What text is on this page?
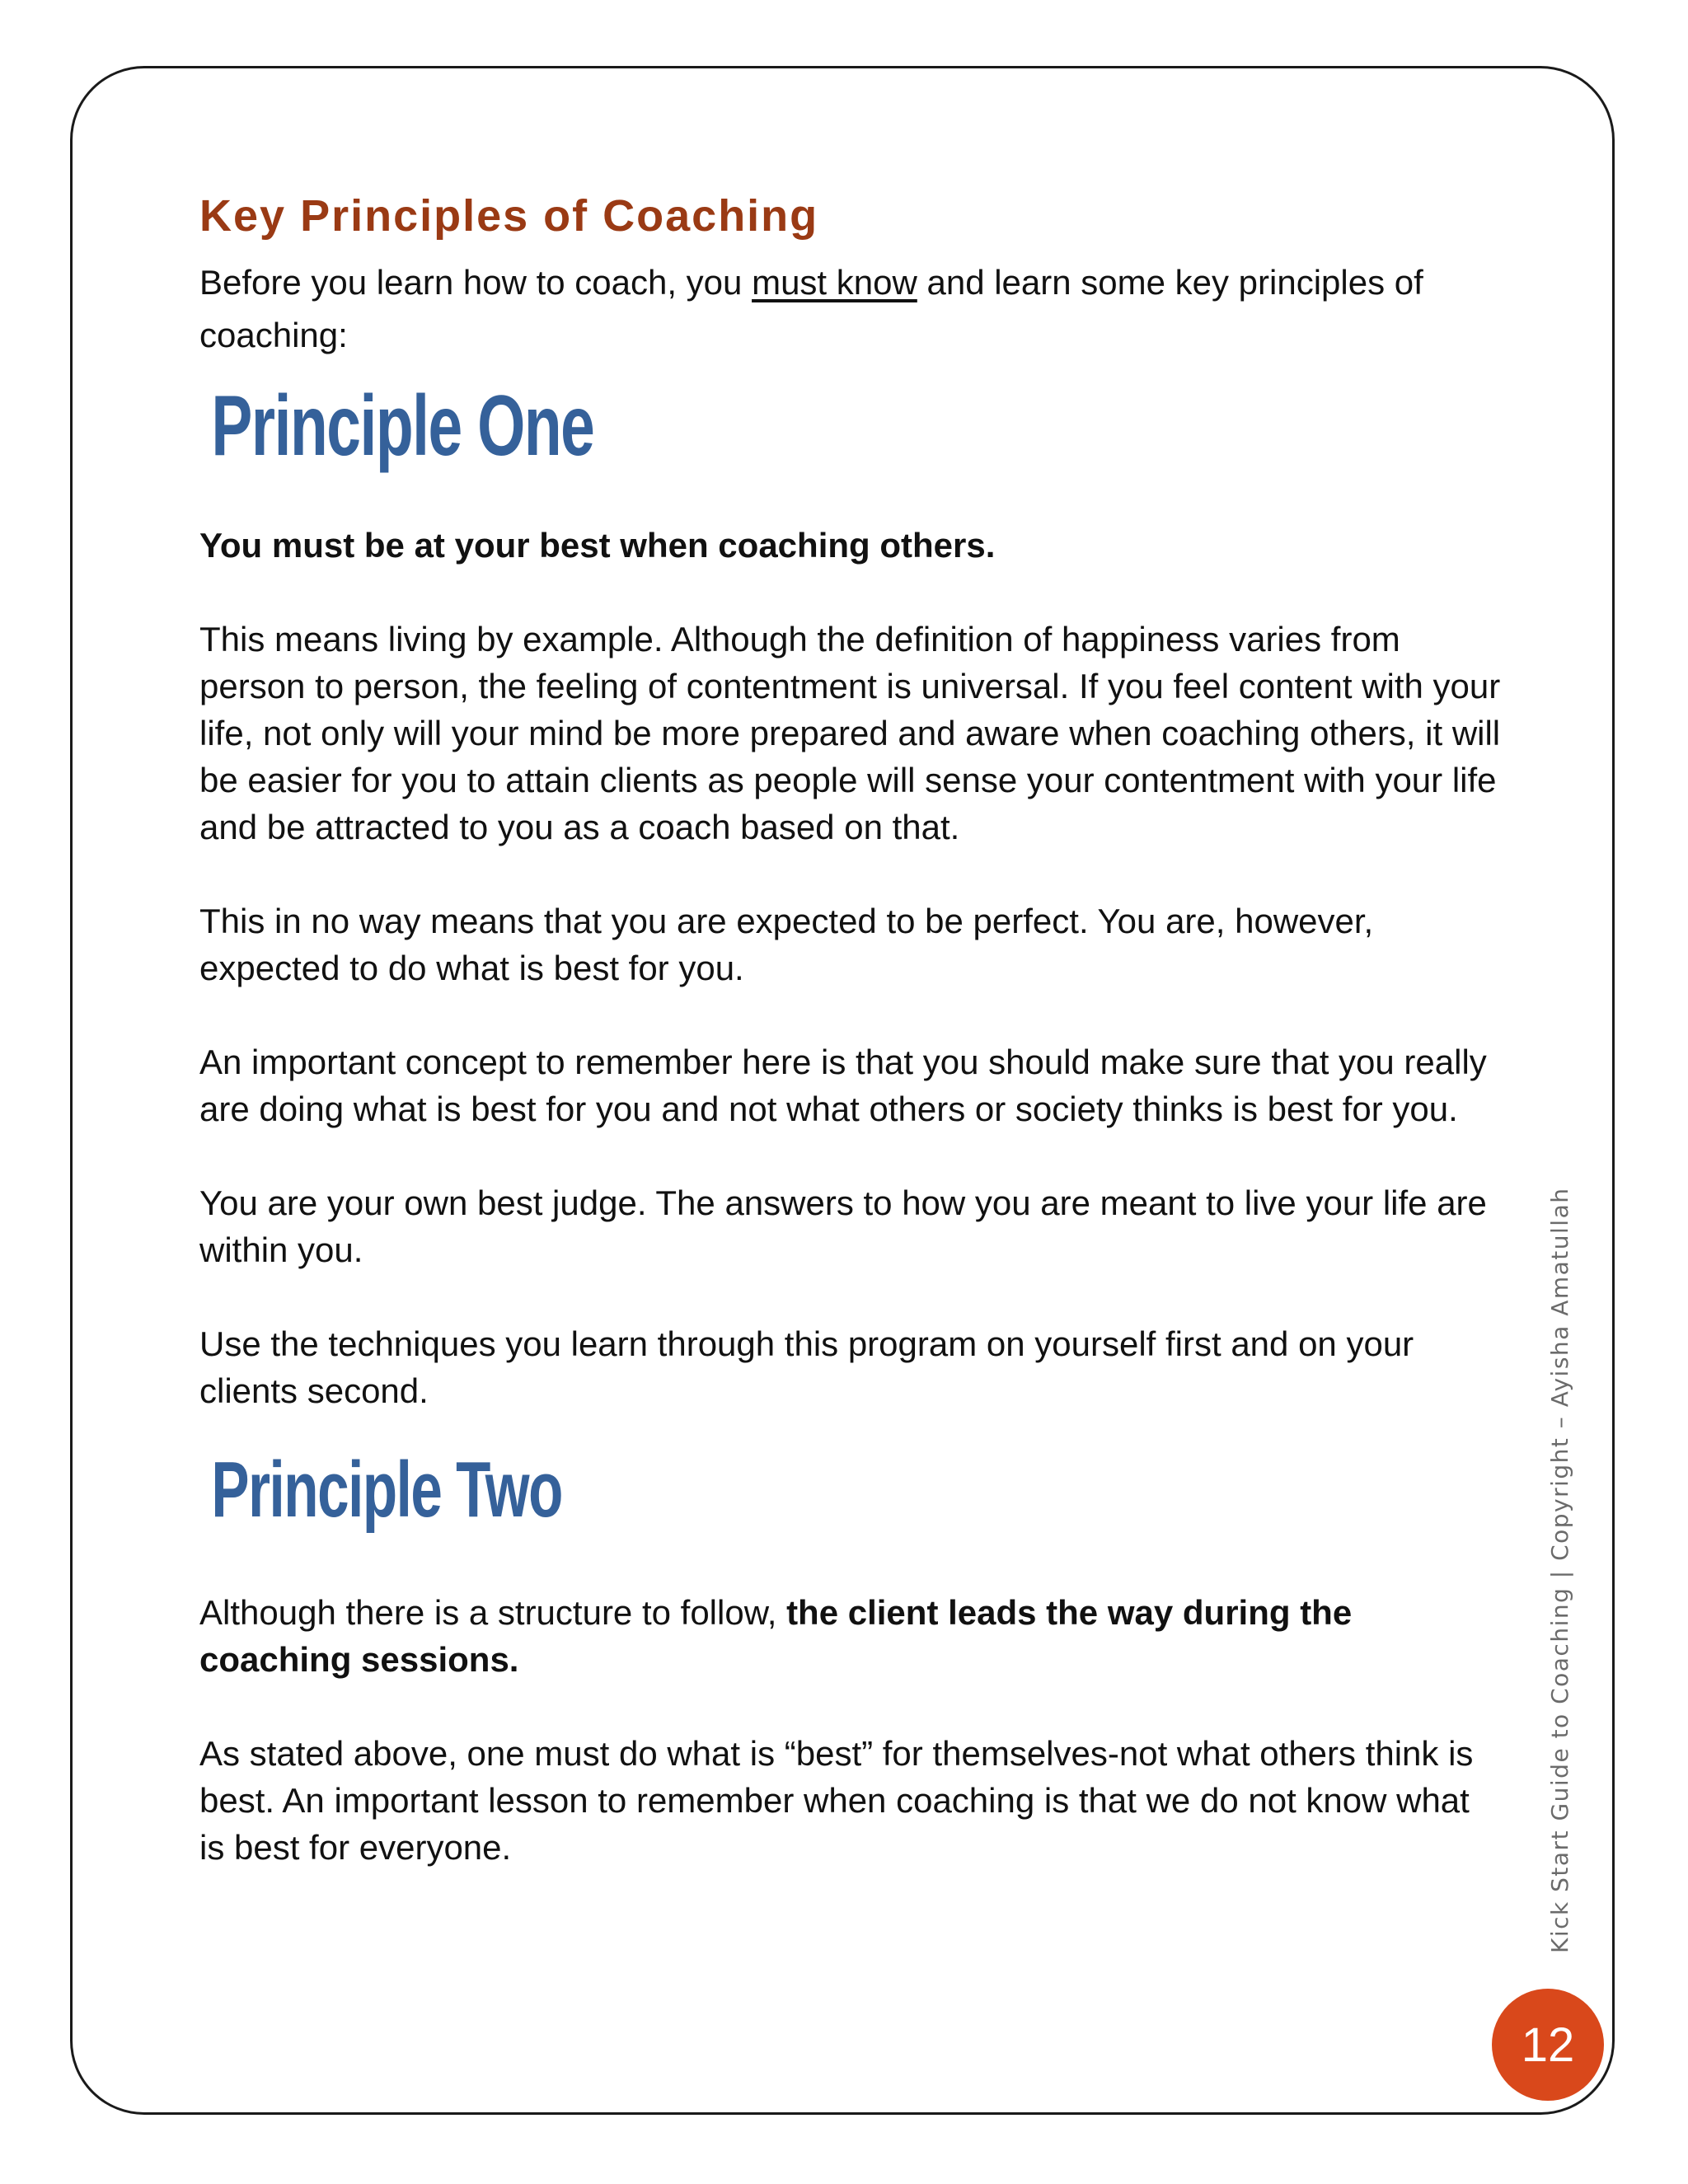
Key Principles of Coaching

Before you learn how to coach, you must know and learn some key principles of coaching:

Principle One

You must be at your best when coaching others.

This means living by example. Although the definition of happiness varies from person to person, the feeling of contentment is universal. If you feel content with your life, not only will your mind be more prepared and aware when coaching others, it will be easier for you to attain clients as people will sense your contentment with your life and be attracted to you as a coach based on that.

This in no way means that you are expected to be perfect. You are, however, expected to do what is best for you.

An important concept to remember here is that you should make sure that you really are doing what is best for you and not what others or society thinks is best for you.

You are your own best judge. The answers to how you are meant to live your life are within you.

Use the techniques you learn through this program on yourself first and on your clients second.

Principle Two

Although there is a structure to follow, the client leads the way during the coaching sessions.

As stated above, one must do what is “best” for themselves-not what others think is best. An important lesson to remember when coaching is that we do not know what is best for everyone.	Kick Start Guide to Coaching | Copyright – Ayisha Amatullah
12
